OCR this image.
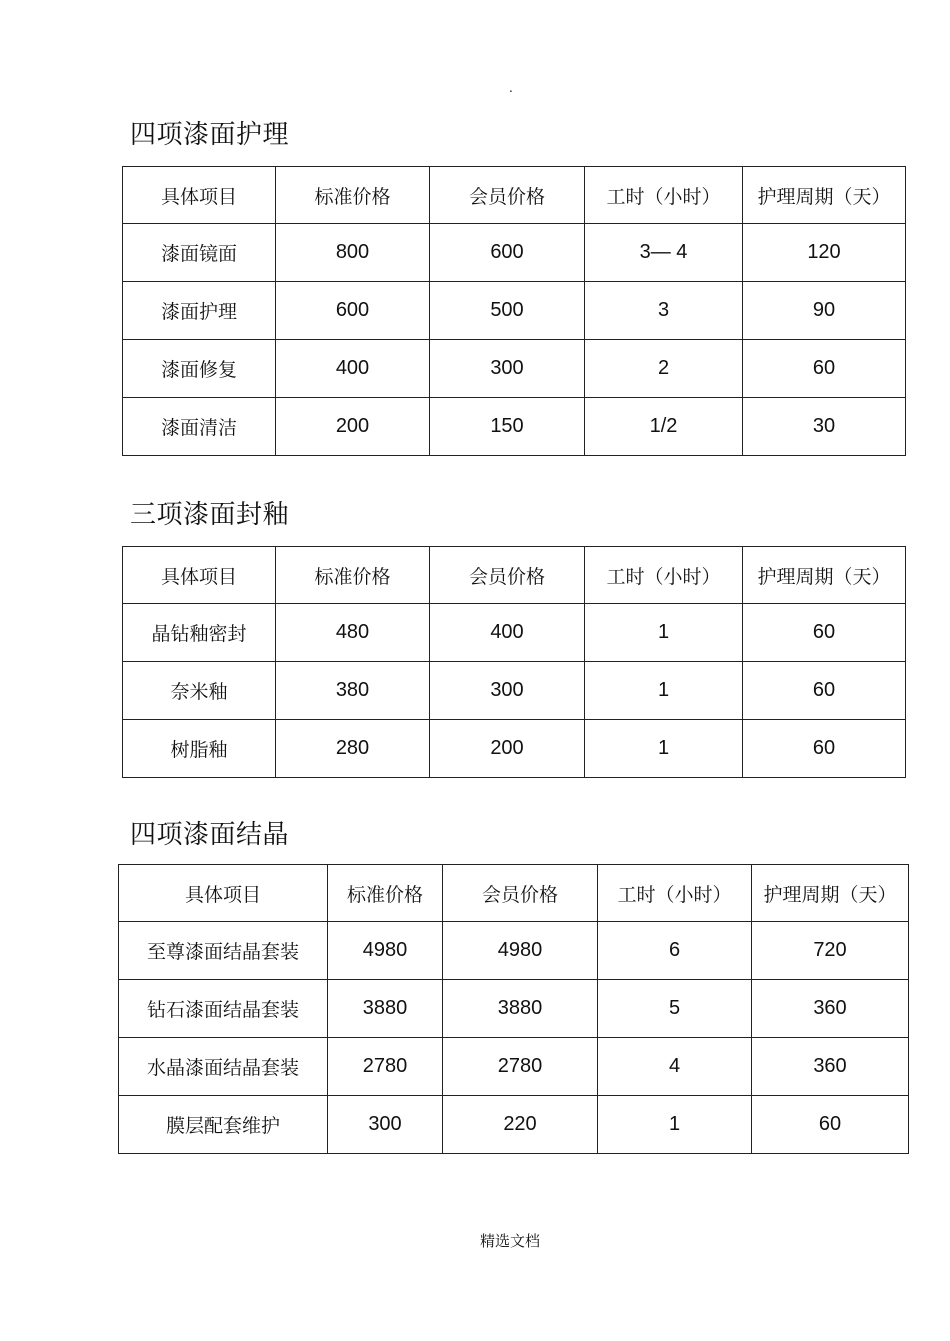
.
四项漆面护理
具体项目	标准价格	会员价格	工时（小时）	护理周期（天）
漆面镜面	800	600	3— 4	120
漆面护理	600	500	3	90
漆面修复	400	300	2	60
漆面清洁	200	150	1/2	30
三项漆面封釉
具体项目	标准价格	会员价格	工时（小时）	护理周期（天）
晶钻釉密封	480	400	1	60
奈米釉	380	300	1	60
树脂釉	280	200	1	60
四项漆面结晶
具体项目	标准价格	会员价格	工时（小时）	护理周期（天）
至尊漆面结晶套装	4980	4980	6	720
钻石漆面结晶套装	3880	3880	5	360
水晶漆面结晶套装	2780	2780	4	360
膜层配套维护	300	220	1	60
精选文档
